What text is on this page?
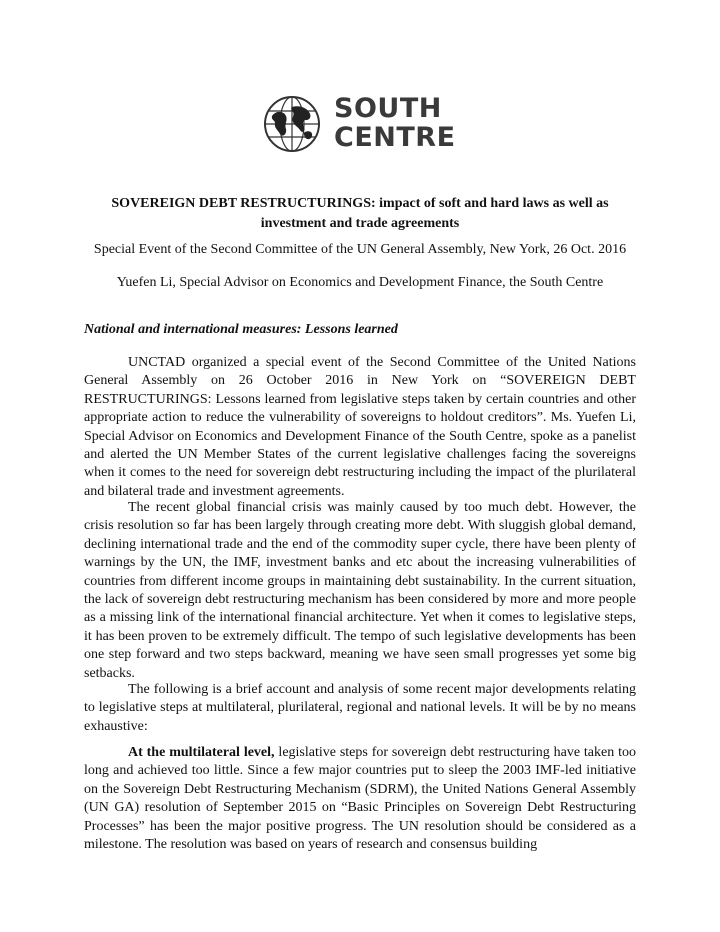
SOUTH
CENTRE
SOVEREIGN DEBT RESTRUCTURINGS: impact of soft and hard laws as well as investment and trade agreements
Special Event of the Second Committee of the UN General Assembly, New York, 26 Oct. 2016
Yuefen Li, Special Advisor on Economics and Development Finance, the South Centre
National and international measures: Lessons learned

UNCTAD organized a special event of the Second Committee of the United Nations General Assembly on 26 October 2016 in New York on “SOVEREIGN DEBT RESTRUCTURINGS: Lessons learned from legislative steps taken by certain countries and other appropriate action to reduce the vulnerability of sovereigns to holdout creditors”. Ms. Yuefen Li, Special Advisor on Economics and Development Finance of the South Centre, spoke as a panelist and alerted the UN Member States of the current legislative challenges facing the sovereigns when it comes to the need for sovereign debt restructuring including the impact of the plurilateral and bilateral trade and investment agreements.

The recent global financial crisis was mainly caused by too much debt. However, the crisis resolution so far has been largely through creating more debt. With sluggish global demand, declining international trade and the end of the commodity super cycle, there have been plenty of warnings by the UN, the IMF, investment banks and etc about the increasing vulnerabilities of countries from different income groups in maintaining debt sustainability. In the current situation, the lack of sovereign debt restructuring mechanism has been considered by more and more people as a missing link of the international financial architecture. Yet when it comes to legislative steps, it has been proven to be extremely difficult. The tempo of such legislative developments has been one step forward and two steps backward, meaning we have seen small progresses yet some big setbacks.

The following is a brief account and analysis of some recent major developments relating to legislative steps at multilateral, plurilateral, regional and national levels. It will be by no means exhaustive:

At the multilateral level, legislative steps for sovereign debt restructuring have taken too long and achieved too little. Since a few major countries put to sleep the 2003 IMF-led initiative on the Sovereign Debt Restructuring Mechanism (SDRM), the United Nations General Assembly (UN GA) resolution of September 2015 on “Basic Principles on Sovereign Debt Restructuring Processes” has been the major positive progress. The UN resolution should be considered as a milestone. The resolution was based on years of research and consensus building
